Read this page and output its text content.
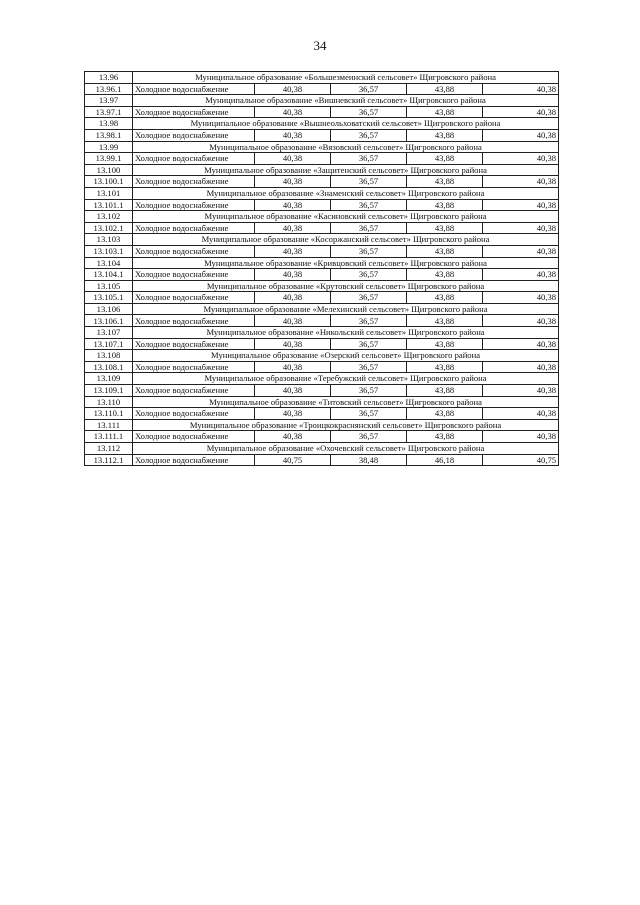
34
13.96	Муниципальное образование «Большезмеинский сельсовет» Щигровского района				
13.96.1	Холодное водоснабжение	40,38	36,57	43,88	40,38
13.97	Муниципальное образование «Вишневский сельсовет» Щигровского района				
13.97.1	Холодное водоснабжение	40,38	36,57	43,88	40,38
13.98	Муниципальное образование «Вышнеольховатский сельсовет» Щигровского района				
13.98.1	Холодное водоснабжение	40,38	36,57	43,88	40,38
13.99	Муниципальное образование «Вязовский сельсовет» Щигровского района				
13.99.1	Холодное водоснабжение	40,38	36,57	43,88	40,38
13.100	Муниципальное образование «Защитенский сельсовет» Щигровского района				
13.100.1	Холодное водоснабжение	40,38	36,57	43,88	40,38
13.101	Муниципальное образование «Знаменский сельсовет» Щигровского района				
13.101.1	Холодное водоснабжение	40,38	36,57	43,88	40,38
13.102	Муниципальное образование «Касиновский сельсовет» Щигровского района				
13.102.1	Холодное водоснабжение	40,38	36,57	43,88	40,38
13.103	Муниципальное образование «Косоржанский сельсовет» Щигровского района				
13.103.1	Холодное водоснабжение	40,38	36,57	43,88	40,38
13.104	Муниципальное образование «Кривцовский сельсовет» Щигровского района				
13.104.1	Холодное водоснабжение	40,38	36,57	43,88	40,38
13.105	Муниципальное образование «Крутовский сельсовет» Щигровского района				
13.105.1	Холодное водоснабжение	40,38	36,57	43,88	40,38
13.106	Муниципальное образование «Мелехинский сельсовет» Щигровского района				
13.106.1	Холодное водоснабжение	40,38	36,57	43,88	40,38
13.107	Муниципальное образование «Никольский сельсовет» Щигровского района				
13.107.1	Холодное водоснабжение	40,38	36,57	43,88	40,38
13.108	Муниципальное образование «Озерский сельсовет» Щигровского района				
13.108.1	Холодное водоснабжение	40,38	36,57	43,88	40,38
13.109	Муниципальное образование «Теребужский сельсовет» Щигровского района				
13.109.1	Холодное водоснабжение	40,38	36,57	43,88	40,38
13.110	Муниципальное образование «Титовский сельсовет» Щигровского района				
13.110.1	Холодное водоснабжение	40,38	36,57	43,88	40,38
13.111	Муниципальное образование «Троицкокраснянский сельсовет» Щигровского района				
13.111.1	Холодное водоснабжение	40,38	36,57	43,88	40,38
13.112	Муниципальное образование «Охочевский сельсовет» Щигровского района				
13.112.1	Холодное водоснабжение	40,75	38,48	46,18	40,75
